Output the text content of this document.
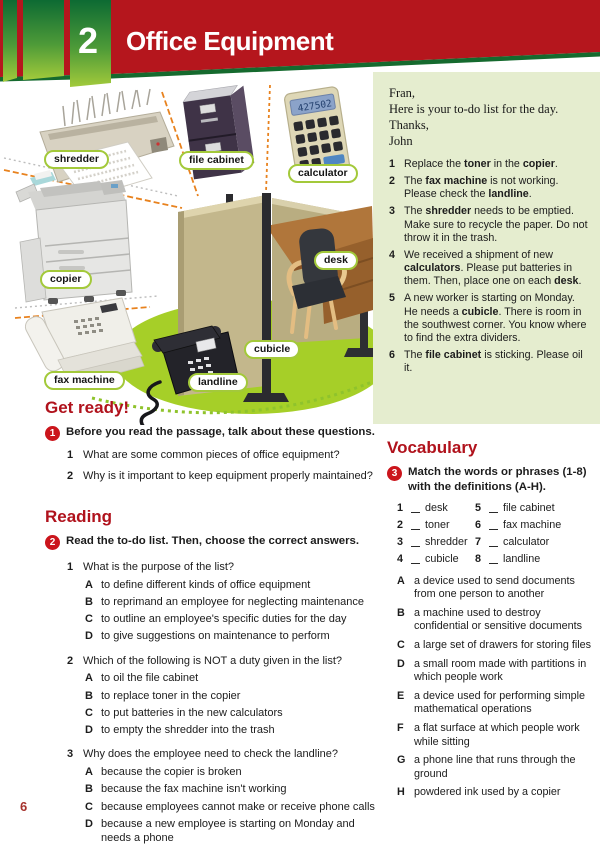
2	Office Equipment
427502
shredder	file cabinet
calculator
copier
desk
cubicle
fax machine	landline
Fran,
Here is your to-do list for the day.
Thanks,
John
1 Replace the toner in the copier.
2 The fax machine is not working. Please check the landline.
3 The shredder needs to be emptied. Make sure to recycle the paper. Do not throw it in the trash.
4 We received a shipment of new calculators. Please put batteries in them. Then, place one on each desk.
5 A new worker is starting on Monday. He needs a cubicle. There is room in the southwest corner. You know where to find the extra dividers.
6 The file cabinet is sticking. Please oil it.
Get ready!
1 Before you read the passage, talk about these questions.
1 What are some common pieces of office equipment?
2 Why is it important to keep equipment properly maintained?
Reading
2 Read the to-do list. Then, choose the correct answers.
1 What is the purpose of the list?
A to define different kinds of office equipment
B to reprimand an employee for neglecting maintenance
C to outline an employee's specific duties for the day
D to give suggestions on maintenance to perform
2 Which of the following is NOT a duty given in the list?
A to oil the file cabinet
B to replace toner in the copier
C to put batteries in the new calculators
D to empty the shredder into the trash
3 Why does the employee need to check the landline?
A because the copier is broken
B because the fax machine isn't working
C because employees cannot make or receive phone calls
D because a new employee is starting on Monday and needs a phone
Vocabulary
3 Match the words or phrases (1-8) with the definitions (A-H).
1	desk	5	file cabinet
2	toner 6	fax machine
3	shredder 7	calculator
4	cubicle 8	landline
A a device used to send documents from one person to another
B a machine used to destroy confidential or sensitive documents
C a large set of drawers for storing files
D a small room made with partitions in which people work
E a device used for performing simple mathematical operations
F a flat surface at which people work while sitting
G a phone line that runs through the ground
H powdered ink used by a copier
6
